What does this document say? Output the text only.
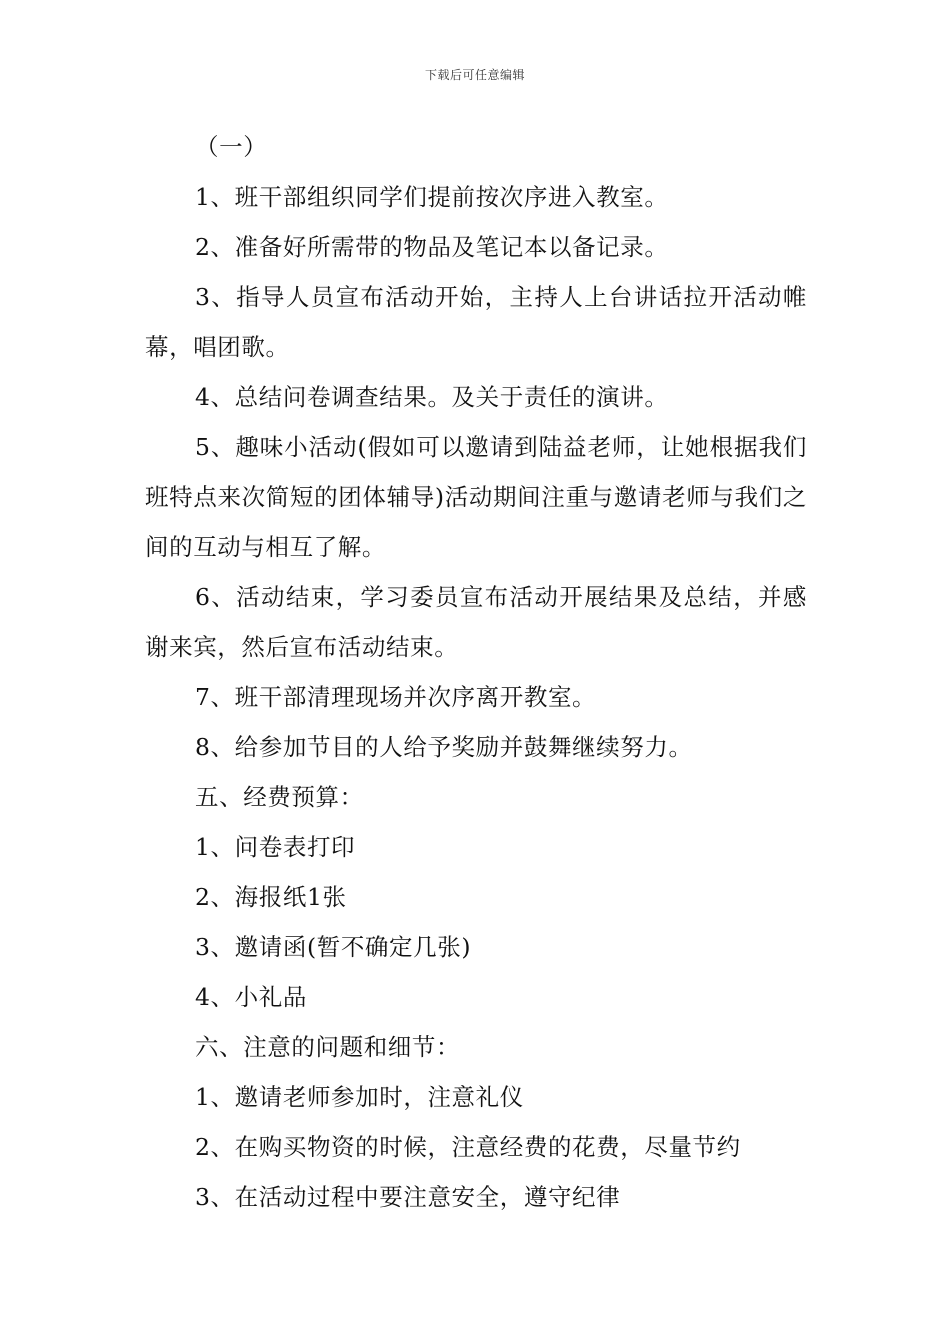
下载后可任意编辑

（一）

1、班干部组织同学们提前按次序进入教室。

2、准备好所需带的物品及笔记本以备记录。

3、指导人员宣布活动开始，主持人上台讲话拉开活动帷幕，唱团歌。

4、总结问卷调查结果。及关于责任的演讲。

5、趣味小活动(假如可以邀请到陆益老师，让她根据我们班特点来次简短的团体辅导)活动期间注重与邀请老师与我们之间的互动与相互了解。

6、活动结束，学习委员宣布活动开展结果及总结，并感谢来宾，然后宣布活动结束。

7、班干部清理现场并次序离开教室。

8、给参加节目的人给予奖励并鼓舞继续努力。

五、经费预算：

1、问卷表打印

2、海报纸1张

3、邀请函(暂不确定几张)

4、小礼品

六、注意的问题和细节：

1、邀请老师参加时，注意礼仪

2、在购买物资的时候，注意经费的花费，尽量节约

3、在活动过程中要注意安全，遵守纪律
